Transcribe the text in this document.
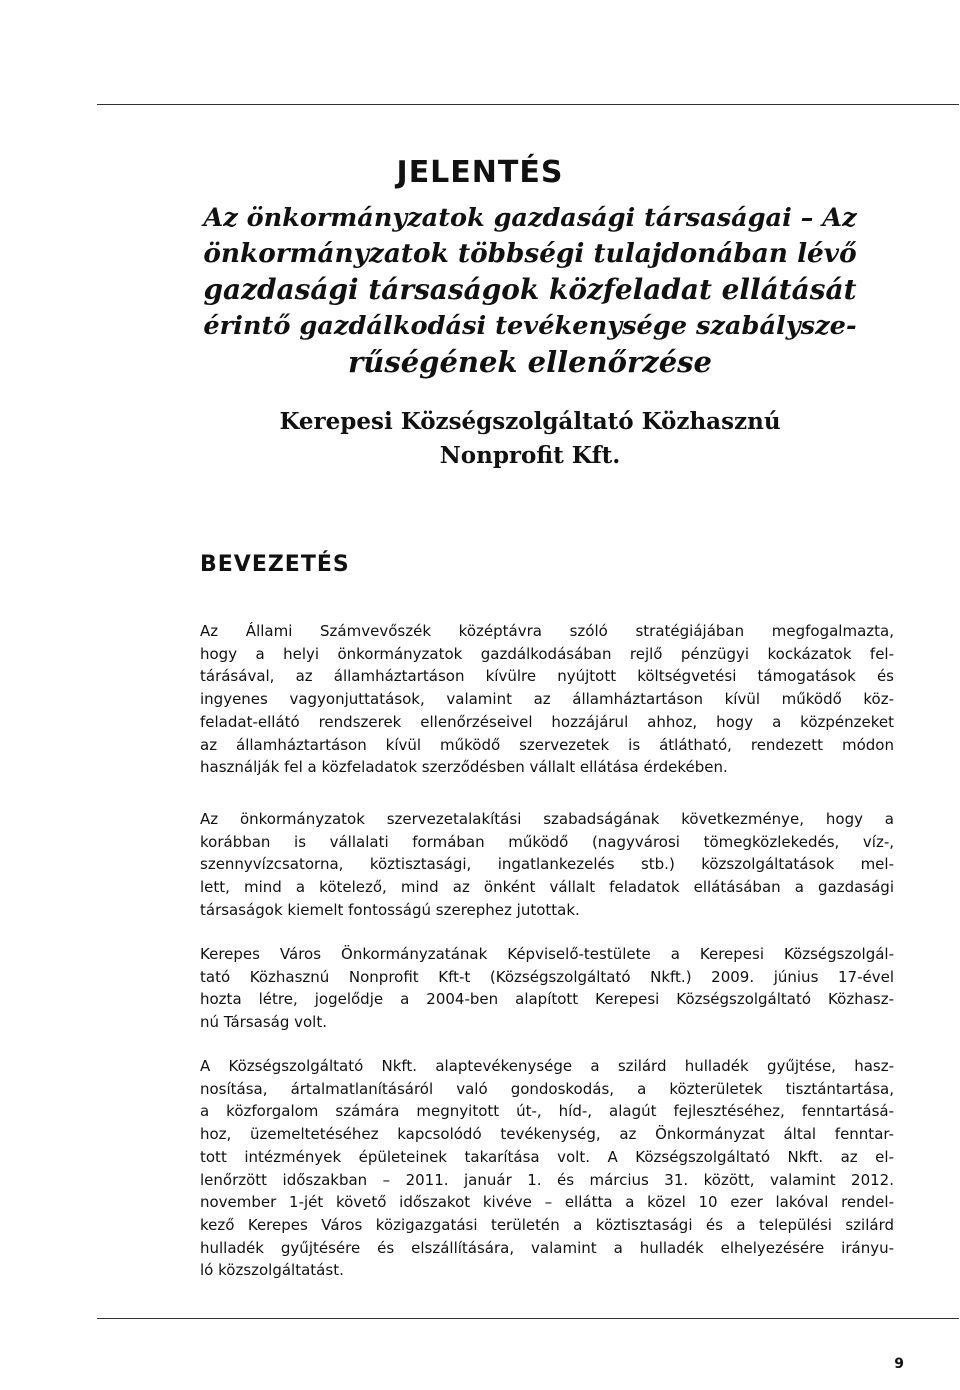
JELENTÉS
Az önkormányzatok gazdasági társaságai – Az
önkormányzatok többségi tulajdonában lévő
gazdasági társaságok közfeladat ellátását
érintő gazdálkodási tevékenysége szabálysze-
rűségének ellenőrzése
Kerepesi Községszolgáltató Közhasznú
Nonprofit Kft.
BEVEZETÉS

Az Állami Számvevőszék középtávra szóló stratégiájában megfogalmazta,
hogy a helyi önkormányzatok gazdálkodásában rejlő pénzügyi kockázatok fel-
tárásával, az államháztartáson kívülre nyújtott költségvetési támogatások és
ingyenes vagyonjuttatások, valamint az államháztartáson kívül működő köz-
feladat-ellátó rendszerek ellenőrzéseivel hozzájárul ahhoz, hogy a közpénzeket
az államháztartáson kívül működő szervezetek is átlátható, rendezett módon
használják fel a közfeladatok szerződésben vállalt ellátása érdekében.

Az önkormányzatok szervezetalakítási szabadságának következménye, hogy a
korábban is vállalati formában működő (nagyvárosi tömegközlekedés, víz-,
szennyvízcsatorna, köztisztasági, ingatlankezelés stb.) közszolgáltatások mel-
lett, mind a kötelező, mind az önként vállalt feladatok ellátásában a gazdasági
társaságok kiemelt fontosságú szerephez jutottak.

Kerepes Város Önkormányzatának Képviselő-testülete a Kerepesi Községszolgál-
tató Közhasznú Nonprofit Kft-t (Községszolgáltató Nkft.) 2009. június 17-ével
hozta létre, jogelődje a 2004-ben alapított Kerepesi Községszolgáltató Közhasz-
nú Társaság volt.

A Községszolgáltató Nkft. alaptevékenysége a szilárd hulladék gyűjtése, hasz-
nosítása, ártalmatlanításáról való gondoskodás, a közterületek tisztántartása,
a közforgalom számára megnyitott út-, híd-, alagút fejlesztéséhez, fenntartásá-
hoz, üzemeltetéséhez kapcsolódó tevékenység, az Önkormányzat által fenntar-
tott intézmények épületeinek takarítása volt. A Községszolgáltató Nkft. az el-
lenőrzött időszakban – 2011. január 1. és március 31. között, valamint 2012.
november 1-jét követő időszakot kivéve – ellátta a közel 10 ezer lakóval rendel-
kező Kerepes Város közigazgatási területén a köztisztasági és a települési szilárd
hulladék gyűjtésére és elszállítására, valamint a hulladék elhelyezésére irányu-
ló közszolgáltatást.

9
